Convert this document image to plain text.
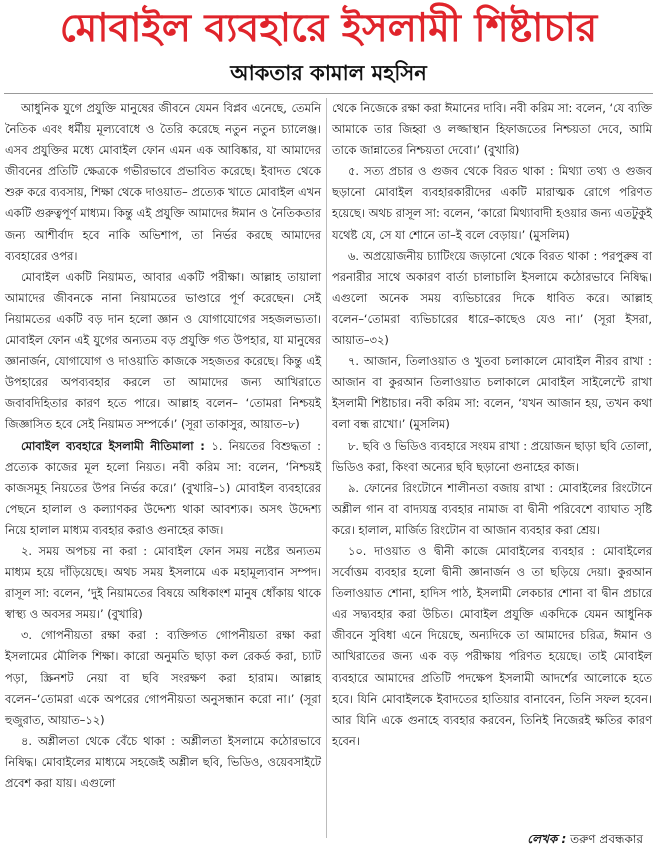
মোবাইল ব্যবহারে ইসলামী শিষ্টাচার
আকতার কামাল মহসিন

আধুনিক যুগে প্রযুক্তি মানুষের জীবনে যেমন বিপ্লব এনেছে, তেমনি নৈতিক এবং ধর্মীয় মূল্যবোধে ও তৈরি করেছে নতুন নতুন চ্যালেঞ্জ। এসব প্রযুক্তির মধ্যে মোবাইল ফোন এমন এক আবিষ্কার, যা আমাদের জীবনের প্রতিটি ক্ষেত্রকে গভীরভাবে প্রভাবিত করেছে। ইবাদত থেকে শুরু করে ব্যবসায়, শিক্ষা থেকে দাওয়াত– প্রত্যেক খাতে মোবাইল এখন একটি গুরুত্বপূর্ণ মাধ্যম। কিন্তু এই প্রযুক্তি আমাদের ঈমান ও নৈতিকতার জন্য আশীর্বাদ হবে নাকি অভিশাপ, তা নির্ভর করছে আমাদের ব্যবহারের ওপর।

মোবাইল একটি নিয়ামত, আবার একটি পরীক্ষা। আল্লাহ তায়ালা আমাদের জীবনকে নানা নিয়ামতের ভাণ্ডারে পূর্ণ করেছেন। সেই নিয়ামতের একটি বড় দান হলো জ্ঞান ও যোগাযোগের সহজলভ্যতা। মোবাইল ফোন এই যুগের অন্যতম বড় প্রযুক্তি গত উপহার, যা মানুষের জ্ঞানার্জন, যোগাযোগ ও দাওয়াতি কাজকে সহজতর করেছে। কিন্তু এই উপহারের অপব্যবহার করলে তা আমাদের জন্য আখিরাতে জবাবদিহিতার কারণ হতে পারে। আল্লাহ বলেন– ‘তোমরা নিশ্চয়ই জিজ্ঞাসিত হবে সেই নিয়ামত সম্পর্কে।’ (সূরা তাকাসুর, আয়াত–৮)

মোবাইল ব্যবহারে ইসলামী নীতিমালা : ১. নিয়তের বিশুদ্ধতা : প্রত্যেক কাজের মূল হলো নিয়ত। নবী করিম সা: বলেন, ‘নিশ্চয়ই কাজসমূহ নিয়তের উপর নির্ভর করে।’ (বুখারি–১) মোবাইল ব্যবহারের পেছনে হালাল ও কল্যাণকর উদ্দেশ্য থাকা আবশ্যক। অসৎ উদ্দেশ্য নিয়ে হালাল মাধ্যম ব্যবহার করাও গুনাহের কাজ।

২. সময় অপচয় না করা : মোবাইল ফোন সময় নষ্টের অন্যতম মাধ্যম হয়ে দাঁড়িয়েছে। অথচ সময় ইসলামে এক মহামূল্যবান সম্পদ। রাসূল সা: বলেন, ‘দুই নিয়ামতের বিষয়ে অধিকাংশ মানুষ ধোঁকায় থাকে স্বাস্থ্য ও অবসর সময়।’ (বুখারি)

৩. গোপনীয়তা রক্ষা করা : ব্যক্তিগত গোপনীয়তা রক্ষা করা ইসলামের মৌলিক শিক্ষা। কারো অনুমতি ছাড়া কল রেকর্ড করা, চ্যাট পড়া, স্ক্রিনশট নেয়া বা ছবি সংরক্ষণ করা হারাম। আল্লাহ বলেন–‘তোমরা একে অপরের গোপনীয়তা অনুসন্ধান করো না।’ (সূরা হুজুরাত, আয়াত–১২)

৪. অশ্লীলতা থেকে বেঁচে থাকা : অশ্লীলতা ইসলামে কঠোরভাবে নিষিদ্ধ। মোবাইলের মাধ্যমে সহজেই অশ্লীল ছবি, ভিডিও, ওয়েবসাইটে প্রবেশ করা যায়। এগুলো

থেকে নিজেকে রক্ষা করা ঈমানের দাবি। নবী করিম সা: বলেন, ‘যে ব্যক্তি আমাকে তার জিহ্বা ও লজ্জাস্থান হিফাজতের নিশ্চয়তা দেবে, আমি তাকে জান্নাতের নিশ্চয়তা দেবো।’ (বুখারি)

৫. সত্য প্রচার ও গুজব থেকে বিরত থাকা : মিথ্যা তথ্য ও গুজব ছড়ানো মোবাইল ব্যবহারকারীদের একটি মারাত্মক রোগে পরিণত হয়েছে। অথচ রাসূল সা: বলেন, ‘কারো মিথ্যাবাদী হওয়ার জন্য এতটুকুই যথেষ্ট যে, সে যা শোনে তা–ই বলে বেড়ায়।’ (মুসলিম)

৬. অপ্রয়োজনীয় চ্যাটিংয়ে জড়ানো থেকে বিরত থাকা : পরপুরুষ বা পরনারীর সাথে অকারণ বার্তা চালাচালি ইসলামে কঠোরভাবে নিষিদ্ধ। এগুলো অনেক সময় ব্যভিচারের দিকে ধাবিত করে। আল্লাহ বলেন–‘তোমরা ব্যভিচারের ধারে–কাছেও যেও না।’ (সূরা ইসরা, আয়াত–৩২)

৭. আজান, তিলাওয়াত ও খুতবা চলাকালে মোবাইল নীরব রাখা : আজান বা কুরআন তিলাওয়াত চলাকালে মোবাইল সাইলেন্টে রাখা ইসলামী শিষ্টাচার। নবী করিম সা: বলেন, ‘যখন আজান হয়, তখন কথা বলা বন্ধ রাখো।’ (মুসলিম)

৮. ছবি ও ভিডিও ব্যবহারে সংযম রাখা : প্রয়োজন ছাড়া ছবি তোলা, ভিডিও করা, কিংবা অন্যের ছবি ছড়ানো গুনাহের কাজ।

৯. ফোনের রিংটোনে শালীনতা বজায় রাখা : মোবাইলের রিংটোনে অশ্লীল গান বা বাদ্যযন্ত্র ব্যবহার নামাজ বা দ্বীনী পরিবেশে ব্যাঘাত সৃষ্টি করে। হালাল, মার্জিত রিংটোন বা আজান ব্যবহার করা শ্রেয়।

১০. দাওয়াত ও দ্বীনী কাজে মোবাইলের ব্যবহার : মোবাইলের সর্বোত্তম ব্যবহার হলো দ্বীনী জ্ঞানার্জন ও তা ছড়িয়ে দেয়া। কুরআন তিলাওয়াত শোনা, হাদিস পাঠ, ইসলামী লেকচার শোনা বা দ্বীন প্রচারে এর সদ্ব্যবহার করা উচিত। মোবাইল প্রযুক্তি একদিকে যেমন আধুনিক জীবনে সুবিধা এনে দিয়েছে, অন্যদিকে তা আমাদের চরিত্র, ঈমান ও আখিরাতের জন্য এক বড় পরীক্ষায় পরিণত হয়েছে। তাই মোবাইল ব্যবহারে আমাদের প্রতিটি পদক্ষেপ ইসলামী আদর্শের আলোকে হতে হবে। যিনি মোবাইলকে ইবাদতের হাতিয়ার বানাবেন, তিনি সফল হবেন। আর যিনি একে গুনাহে ব্যবহার করবেন, তিনিই নিজেরই ক্ষতির কারণ হবেন।

লেখক : তরুণ প্রবন্ধকার
